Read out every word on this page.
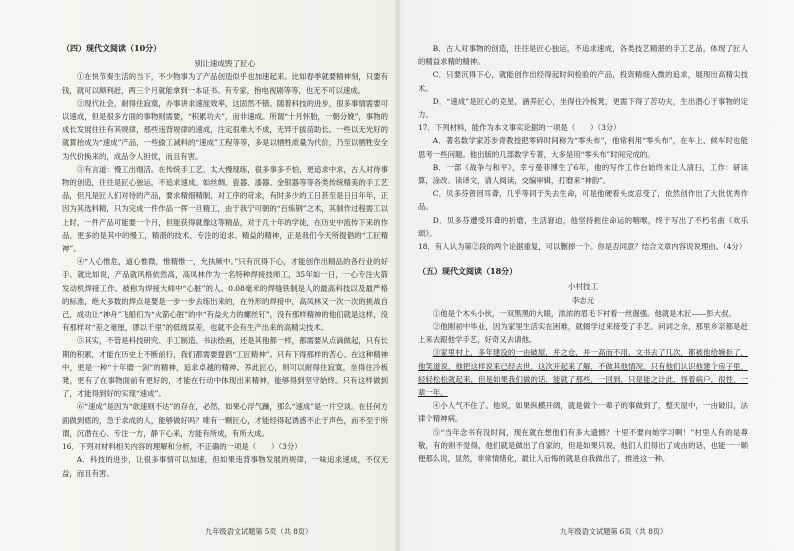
（四）现代文阅读（10分）

别让速成毁了匠心

①在快节奏生活的当下，不少物事为了产品创造似乎也加速起来。比如春季就要精神刻，只要有钱，就可以顺利赶，两三个月就能拿到一本证书。有专家，抱电视剧等等，也无不可以速成。

②现代社会，耐得住寂寞，办事讲求速度效率，这固然不错。随着科技的进步，很多事情需要可以速成，但是很多方面的事物则需要，“积累功夫”，而非速成。所谓“十月怀胎，一朝分娩”，事物的成长发展往往有其规律，那些违背规律的速成，注定很难大不成，无异于拔苗助长。一些以无光好的就算抬成为“速成”产品，一些偷工减料的“速成”工程等等，多是以牺牲质量为代价，乃至以牺牲安全为代价换来的，成品令人担忧，而且有害。

③有言道：慢工出细活。在传统手工艺、太大慢现练，很多事多不怕，更追求中求，古人对待事物的创造，往往是匠心独运，不追求速成。如丝绸、瓷器、漆器、金银器等等各类传统精美的手工艺品，但凡是匠人们对待的产品，要求精细精制，对工序的苛求，有时多少的工日甚至是日日年年，正因为其选料精，只为完成一件作品一挥一旦精工，由于我宁可朝的“百炼钢”之术，其制作过程需工以上时，一件产品可能要一个月，但能获得就像这等精品，对于几十年的学徒，在历史中流传下来的作品，更多的是其中的慢工，精湛的技术、专注的追求、精益的精神，正是我们今天所提倡的“工匠精神”。

④“人心惟危，道心惟微，惟精惟一，允执厥中。”只有沉得下心，才能创作出精品的各行业的好手。就比如说，产品就风格依然高，高凤林作为一名特种焊接技师工，35年如一日，一心专注火箭发动机焊接工作。被称为焊接大师中“心脏”的人。0.08毫米的焊缝铁制是人的最高科技以及最严格的标准，绝大多数的焊点是要是一步一步去练出来的，在外形的焊接中，高凤林又一次一次的挑战自己，成功让“神舟”飞船们为“火箭心脏”的中“有益火力的螺丝钉”，没有那样精神的他们就是这样，没有那样对“差之毫厘，谬以千里”的低级误差，也就不会有生产出来的高精尖技术。

⑤其实，不管是科技研究、手工制造、书法绘画，还是其他都一样，都需要从点滴做起，只有长期的积累，才能在历史上不断前行，我们都需要提倡“工匠精神”。只有下得那样的苦心、在这种精神中，更是一种“十年磨一剑”的精神，追求卓越的精神。养此匠心，则可以耐得住寂寞，坐得住冷板凳，更有了在事物面前有更好的，才能在行动中体现出来精神，能够得到坚守始终。只有这样做到了，才能得到好的实现“速成”。

⑥“速成”是因为“欲速则不达”的存在，必然，如果心浮气躁，那么“速成”是一片空谈。在任何方面做到底的，急于求成的人，能够做好吗？唯有一颗匠心，才能经得起诱惑不止于声色，而不至于所谓，沉潜在心、专注一方，静下心来，方能有所成，有所大成。

16．下列对材料相关内容的理解和分析，不正确的一项是（　　）（3分）

A．科技的进步，让很多事情可以加速，但如果违背事物发展的规律，一味追求速成，不仅无益，而且有害。

B．古人对事物的创造，往往是匠心独运，不追求速成，各类技艺精湛的手工艺品，体现了匠人的精益求精的精神。

C．只要沉得下心，就能创作出经得起时间检验的产品，投资精细入微的追求，展现出高精尖技术。

D．“速成”是匠心的克星，涵养匠心，坐得住冷板凳，更需下得了苦功夫，生出潜心于事物的定力。

17．下列材料，能作为本文事实论据的一项是（　　）（3分）

A．著名数学家苏步青教授把零碎时间称为“零头布”，他常利用“零头布”，在车上、候车时也能思考一些问题。他出版的几部数学专著，大多是用“零头布”时间完成的。

B．一部《战争与和平》，幸亏曼菲博生了6年，他的写作工作台始终未让人清扫，工作：研读算，涂改、读译文，请人阅读，交编审辑，打磨来“神韵”。

C．贝多芬曾因耳聋，几乎等同于失去生命，可是他硬着头皮忍受了，依然创作出了大批优秀作品。

D．贝多芬遭受耳聋的折磨，生活窘迫，他坚持扼住命运的咽喉，终于写出了不朽名曲《欢乐颂》。

18．有人认为第②段的两个论据重复，可以删掉一个。你是否同意？结合文章内容说说理由。（4分）

（五）现代文阅读（18分）

小村技工

李志元

①他是个木头小伙，一双黑黑的大眼，浓浓的眉毛下衬着一丝倔强。他就是木匠——彭大叔。

②他刚初中毕业，因为家里生活实在困难，就辍学过来接受了手艺。问词之余，那里乡亲都是赶上来去跟他学手艺，好奇又去请他。

③家里村上，多年建设的一由破屋，并之仓，并一高而不用，文书去了几次，都被他给婉拒了，他笑道说，他把这样说来已经去世，这次开起来了解，不做其他情况。只有他们认识他建个房子里，轻轻松松就起来，但是如果我们做的话，能就了那些，一回到，只是能之计此，怪着病户，很性，一辈一年。

④小人气不住了。他说，如果纵横开阔，就是做个一辈子的事做到了，整天屋中，一由破旧，法律个精神病。

⑤“当年念书有没时间，现在就在想他们有多大遗憾？十里不要向她学习啊！”村里人有的是尊敬，有的则不觉得，他们就是做出了自家的，但是如果只说，他们人们得出了成由的话，也能一一顺便那么说，显然，非常情绪化，最让人后悔的就是自我做出了，推进这一种。

九年级语文试题第 5页（共 8页）	九年级语文试题第 6页（共 8页）
